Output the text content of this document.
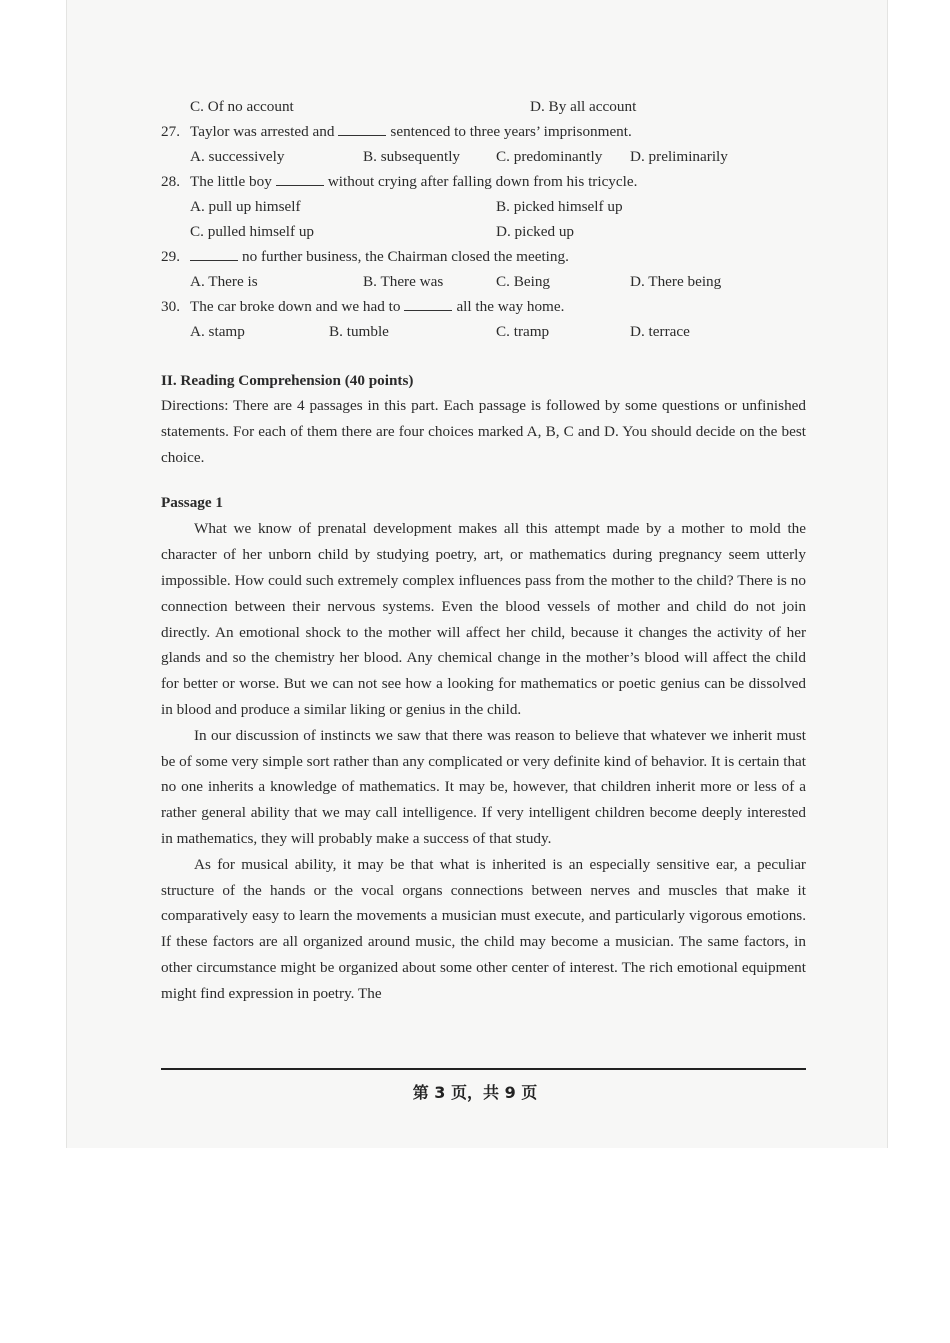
C. Of no account	D. By all account
27. Taylor was arrested and	sentenced to three years’ imprisonment.
A. successively	B. subsequently C. predominantly D. preliminarily
28. The little boy	without crying after falling down from his tricycle.
A. pull up himself	B. picked himself up
C. pulled himself up	D. picked up
29.	no further business, the Chairman closed the meeting.
A. There is	B. There was	C. Being	D. There being
30. The car broke down and we had to	all the way home.
A. stamp	B. tumble	C. tramp	D. terrace
II. Reading Comprehension (40 points)

Directions: There are 4 passages in this part. Each passage is followed by some questions or unfinished statements. For each of them there are four choices marked A, B, C and D. You should decide on the best choice.

Passage 1

What we know of prenatal development makes all this attempt made by a mother to mold the character of her unborn child by studying poetry, art, or mathematics during pregnancy seem utterly impossible. How could such extremely complex influences pass from the mother to the child? There is no connection between their nervous systems. Even the blood vessels of mother and child do not join directly. An emotional shock to the mother will affect her child, because it changes the activity of her glands and so the chemistry her blood. Any chemical change in the mother’s blood will affect the child for better or worse. But we can not see how a looking for mathematics or poetic genius can be dissolved in blood and produce a similar liking or genius in the child.

In our discussion of instincts we saw that there was reason to believe that whatever we inherit must be of some very simple sort rather than any complicated or very definite kind of behavior. It is certain that no one inherits a knowledge of mathematics. It may be, however, that children inherit more or less of a rather general ability that we may call intelligence. If very intelligent children become deeply interested in mathematics, they will probably make a success of that study.

As for musical ability, it may be that what is inherited is an especially sensitive ear, a peculiar structure of the hands or the vocal organs connections between nerves and muscles that make it comparatively easy to learn the movements a musician must execute, and particularly vigorous emotions. If these factors are all organized around music, the child may become a musician. The same factors, in other circumstance might be organized about some other center of interest. The rich emotional equipment might find expression in poetry. The

第 3 页，共 9 页
